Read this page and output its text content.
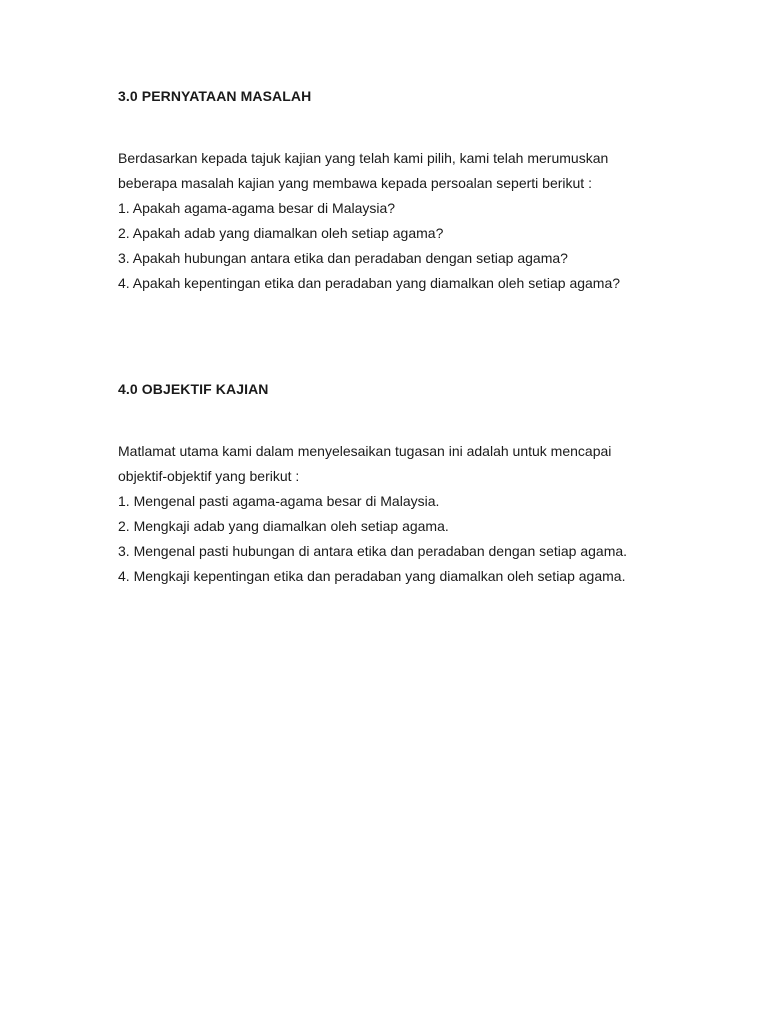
3.0 PERNYATAAN MASALAH

Berdasarkan kepada tajuk kajian yang telah kami pilih, kami telah merumuskan
beberapa masalah kajian yang membawa kepada persoalan seperti berikut :

1. Apakah agama-agama besar di Malaysia?
2. Apakah adab yang diamalkan oleh setiap agama?
3. Apakah hubungan antara etika dan peradaban dengan setiap agama?
4. Apakah kepentingan etika dan peradaban yang diamalkan oleh setiap agama?
4.0 OBJEKTIF KAJIAN

Matlamat utama kami dalam menyelesaikan tugasan ini adalah untuk mencapai
objektif-objektif yang berikut :

1. Mengenal pasti agama-agama besar di Malaysia.
2. Mengkaji adab yang diamalkan oleh setiap agama.
3. Mengenal pasti hubungan di antara etika dan peradaban dengan setiap agama.
4. Mengkaji kepentingan etika dan peradaban yang diamalkan oleh setiap agama.
